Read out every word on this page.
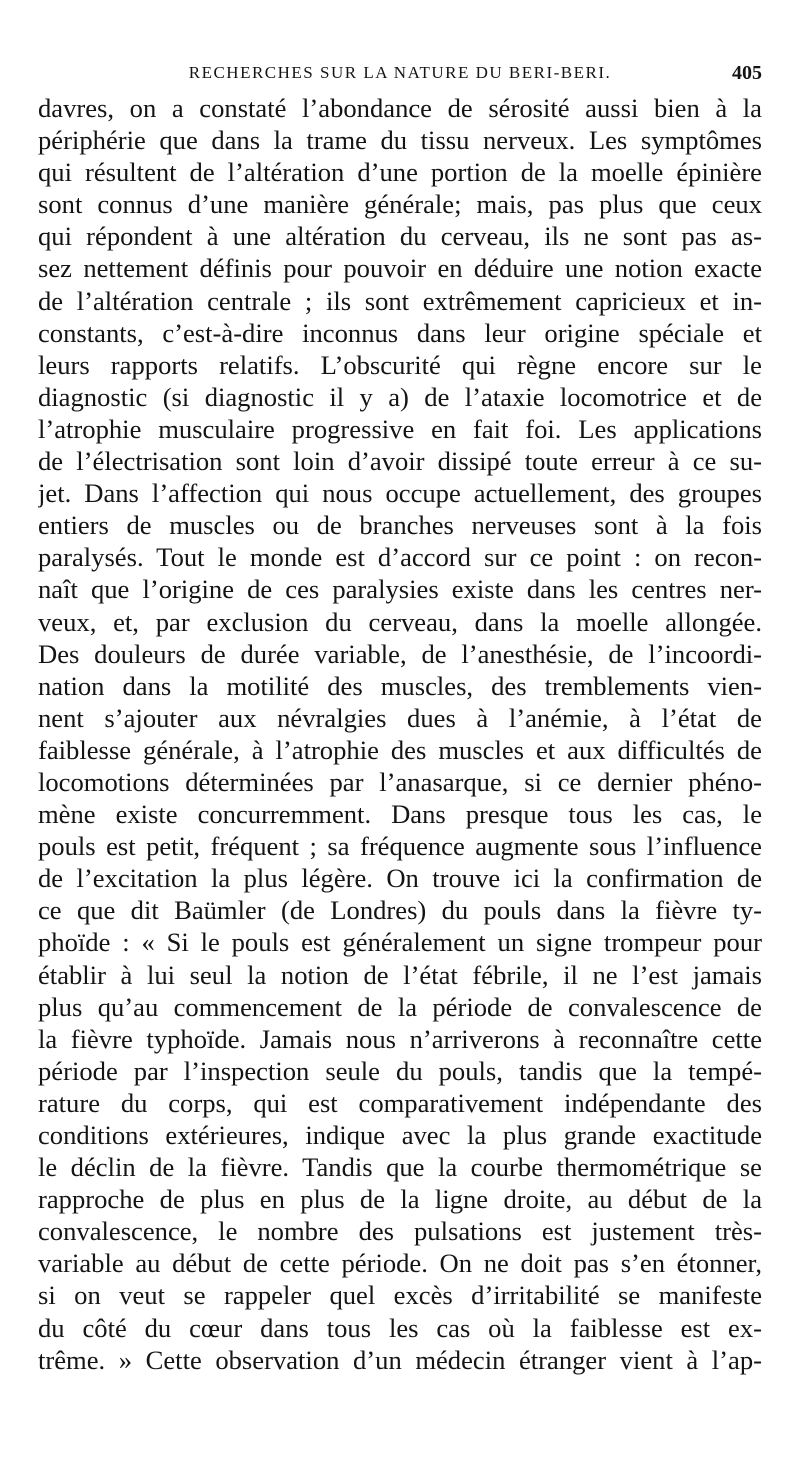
RECHERCHES SUR LA NATURE DU BERI-BERI.	405
davres, on a constaté l’abondance de sérosité aussi bien à la
périphérie que dans la trame du tissu nerveux. Les symptômes
qui résultent de l’altération d’une portion de la moelle épinière
sont connus d’une manière générale; mais, pas plus que ceux
qui répondent à une altération du cerveau, ils ne sont pas as-
sez nettement définis pour pouvoir en déduire une notion exacte
de l’altération centrale ; ils sont extrêmement capricieux et in-
constants, c’est-à-dire inconnus dans leur origine spéciale et
leurs rapports relatifs. L’obscurité qui règne encore sur le
diagnostic (si diagnostic il y a) de l’ataxie locomotrice et de
l’atrophie musculaire progressive en fait foi. Les applications
de l’électrisation sont loin d’avoir dissipé toute erreur à ce su-
jet. Dans l’affection qui nous occupe actuellement, des groupes
entiers de muscles ou de branches nerveuses sont à la fois
paralysés. Tout le monde est d’accord sur ce point : on recon-
naît que l’origine de ces paralysies existe dans les centres ner-
veux, et, par exclusion du cerveau, dans la moelle allongée.
Des douleurs de durée variable, de l’anesthésie, de l’incoordi-
nation dans la motilité des muscles, des tremblements vien-
nent s’ajouter aux névralgies dues à l’anémie, à l’état de
faiblesse générale, à l’atrophie des muscles et aux difficultés de
locomotions déterminées par l’anasarque, si ce dernier phéno-
mène existe concurremment. Dans presque tous les cas, le
pouls est petit, fréquent ; sa fréquence augmente sous l’influence
de l’excitation la plus légère. On trouve ici la confirmation de
ce que dit Baümler (de Londres) du pouls dans la fièvre ty-
phoïde : « Si le pouls est généralement un signe trompeur pour
établir à lui seul la notion de l’état fébrile, il ne l’est jamais
plus qu’au commencement de la période de convalescence de
la fièvre typhoïde. Jamais nous n’arriverons à reconnaître cette
période par l’inspection seule du pouls, tandis que la tempé-
rature du corps, qui est comparativement indépendante des
conditions extérieures, indique avec la plus grande exactitude
le déclin de la fièvre. Tandis que la courbe thermométrique se
rapproche de plus en plus de la ligne droite, au début de la
convalescence, le nombre des pulsations est justement très-
variable au début de cette période. On ne doit pas s’en étonner,
si on veut se rappeler quel excès d’irritabilité se manifeste
du côté du cœur dans tous les cas où la faiblesse est ex-
trême. » Cette observation d’un médecin étranger vient à l’ap-
